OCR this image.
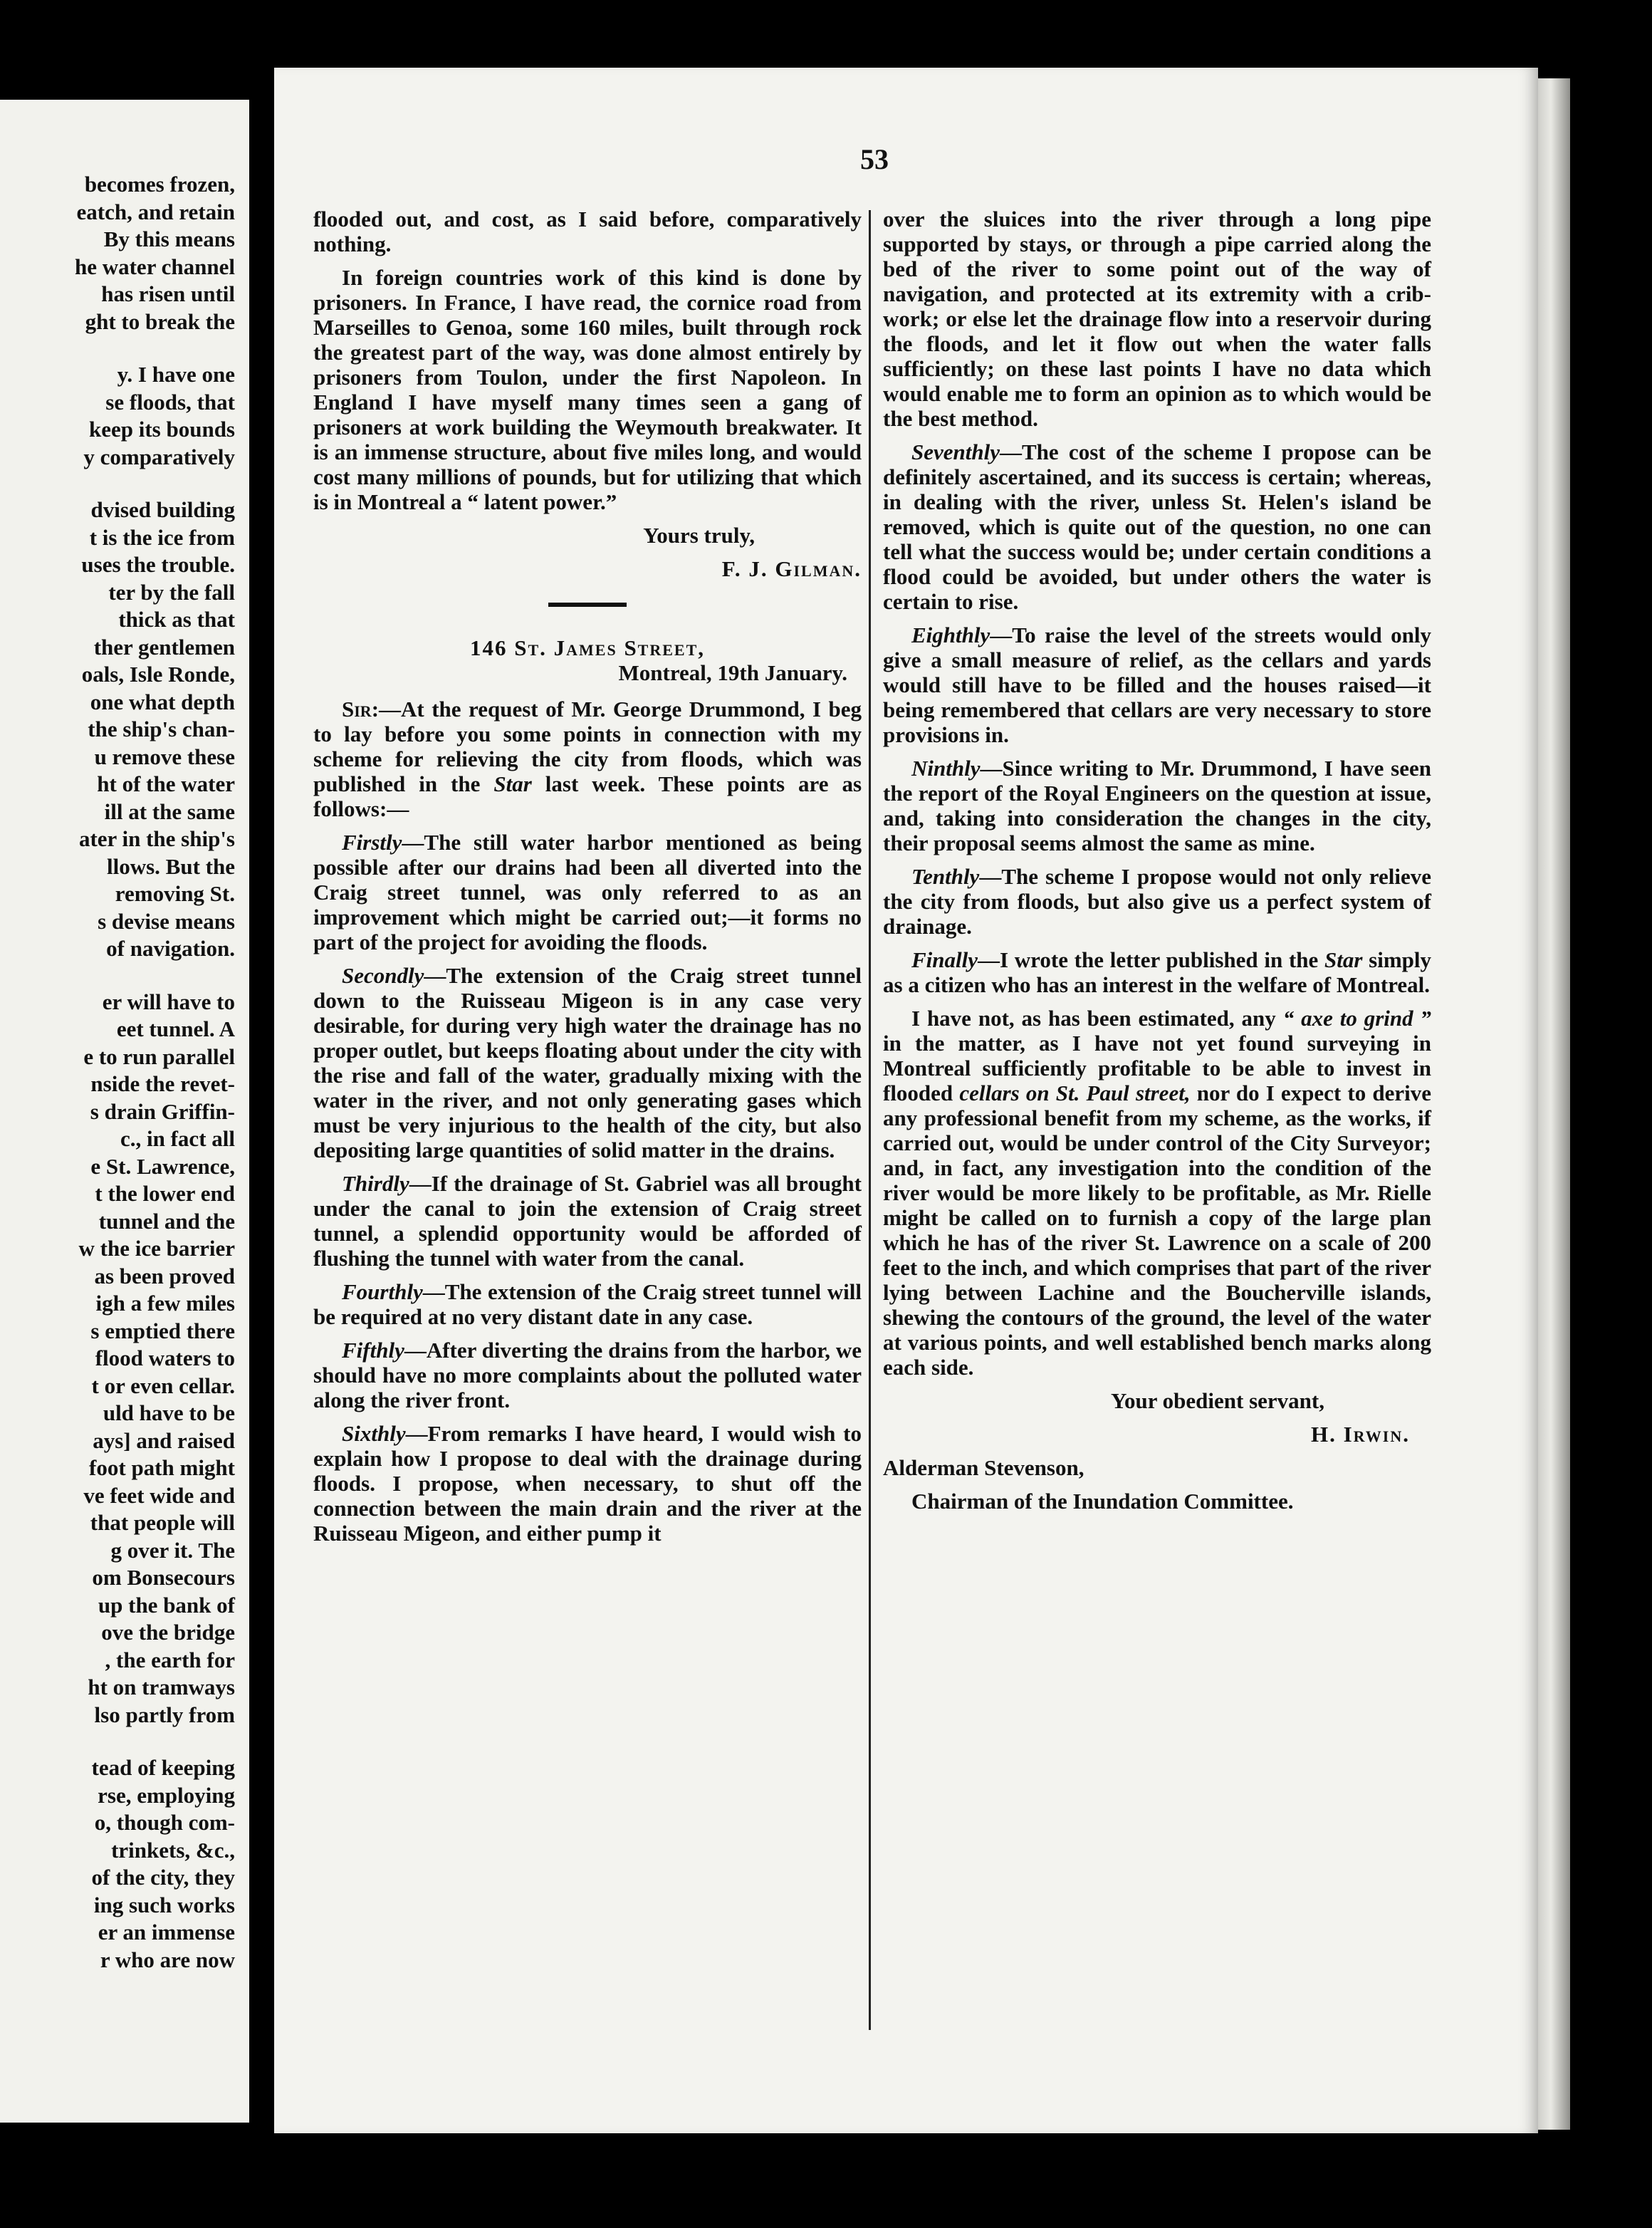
becomes frozen,
eatch, and retain
By this means
he water channel
has risen until
ght to break the
y. I have one
se floods, that
keep its bounds
y comparatively
dvised building
t is the ice from
uses the trouble.
ter by the fall
thick as that
ther gentlemen
oals, Isle Ronde,
one what depth
the ship's chan-
u remove these
ht of the water
ill at the same
ater in the ship's
llows. But the
removing St.
s devise means
of navigation.
er will have to
eet tunnel. A
e to run parallel
nside the revet-
s drain Griffin-
c., in fact all
e St. Lawrence,
t the lower end
tunnel and the
w the ice barrier
as been proved
igh a few miles
s emptied there
flood waters to
t or even cellar.
uld have to be
ays] and raised
foot path might
ve feet wide and
that people will
g over it. The
om Bonsecours
up the bank of
ove the bridge
, the earth for
ht on tramways
lso partly from
tead of keeping
rse, employing
o, though com-
trinkets, &c.,
of the city, they
ing such works
er an immense
r who are now
53

flooded out, and cost, as I said before, comparatively nothing.

In foreign countries work of this kind is done by prisoners. In France, I have read, the cornice road from Marseilles to Genoa, some 160 miles, built through rock the greatest part of the way, was done almost entirely by prisoners from Toulon, under the first Napoleon. In England I have myself many times seen a gang of prisoners at work building the Weymouth breakwater. It is an immense structure, about five miles long, and would cost many millions of pounds, but for utilizing that which is in Montreal a “ latent power.”

Yours truly,

F. J. Gilman.

146 St. James Street,
Montreal, 19th January.

Sir:—At the request of Mr. George Drummond, I beg to lay before you some points in connection with my scheme for relieving the city from floods, which was published in the Star last week. These points are as follows:—

Firstly—The still water harbor mentioned as being possible after our drains had been all diverted into the Craig street tunnel, was only referred to as an improvement which might be carried out;—it forms no part of the project for avoiding the floods.

Secondly—The extension of the Craig street tunnel down to the Ruisseau Migeon is in any case very desirable, for during very high water the drainage has no proper outlet, but keeps floating about under the city with the rise and fall of the water, gradually mixing with the water in the river, and not only generating gases which must be very injurious to the health of the city, but also depositing large quantities of solid matter in the drains.

Thirdly—If the drainage of St. Gabriel was all brought under the canal to join the extension of Craig street tunnel, a splendid opportunity would be afforded of flushing the tunnel with water from the canal.

Fourthly—The extension of the Craig street tunnel will be required at no very distant date in any case.

Fifthly—After diverting the drains from the harbor, we should have no more complaints about the polluted water along the river front.

Sixthly—From remarks I have heard, I would wish to explain how I propose to deal with the drainage during floods. I propose, when necessary, to shut off the connection between the main drain and the river at the Ruisseau Migeon, and either pump it

over the sluices into the river through a long pipe supported by stays, or through a pipe carried along the bed of the river to some point out of the way of navigation, and protected at its extremity with a crib-work; or else let the drainage flow into a reservoir during the floods, and let it flow out when the water falls sufficiently; on these last points I have no data which would enable me to form an opinion as to which would be the best method.

Seventhly—The cost of the scheme I propose can be definitely ascertained, and its success is certain; whereas, in dealing with the river, unless St. Helen's island be removed, which is quite out of the question, no one can tell what the success would be; under certain conditions a flood could be avoided, but under others the water is certain to rise.

Eighthly—To raise the level of the streets would only give a small measure of relief, as the cellars and yards would still have to be filled and the houses raised—it being remembered that cellars are very necessary to store provisions in.

Ninthly—Since writing to Mr. Drummond, I have seen the report of the Royal Engineers on the question at issue, and, taking into consideration the changes in the city, their proposal seems almost the same as mine.

Tenthly—The scheme I propose would not only relieve the city from floods, but also give us a perfect system of drainage.

Finally—I wrote the letter published in the Star simply as a citizen who has an interest in the welfare of Montreal.

I have not, as has been estimated, any “ axe to grind ” in the matter, as I have not yet found surveying in Montreal sufficiently profitable to be able to invest in flooded cellars on St. Paul street, nor do I expect to derive any professional benefit from my scheme, as the works, if carried out, would be under control of the City Surveyor; and, in fact, any investigation into the condition of the river would be more likely to be profitable, as Mr. Rielle might be called on to furnish a copy of the large plan which he has of the river St. Lawrence on a scale of 200 feet to the inch, and which comprises that part of the river lying between Lachine and the Boucherville islands, shewing the contours of the ground, the level of the water at various points, and well established bench marks along each side.

Your obedient servant,

H. Irwin.

Alderman Stevenson,

Chairman of the Inundation Committee.
